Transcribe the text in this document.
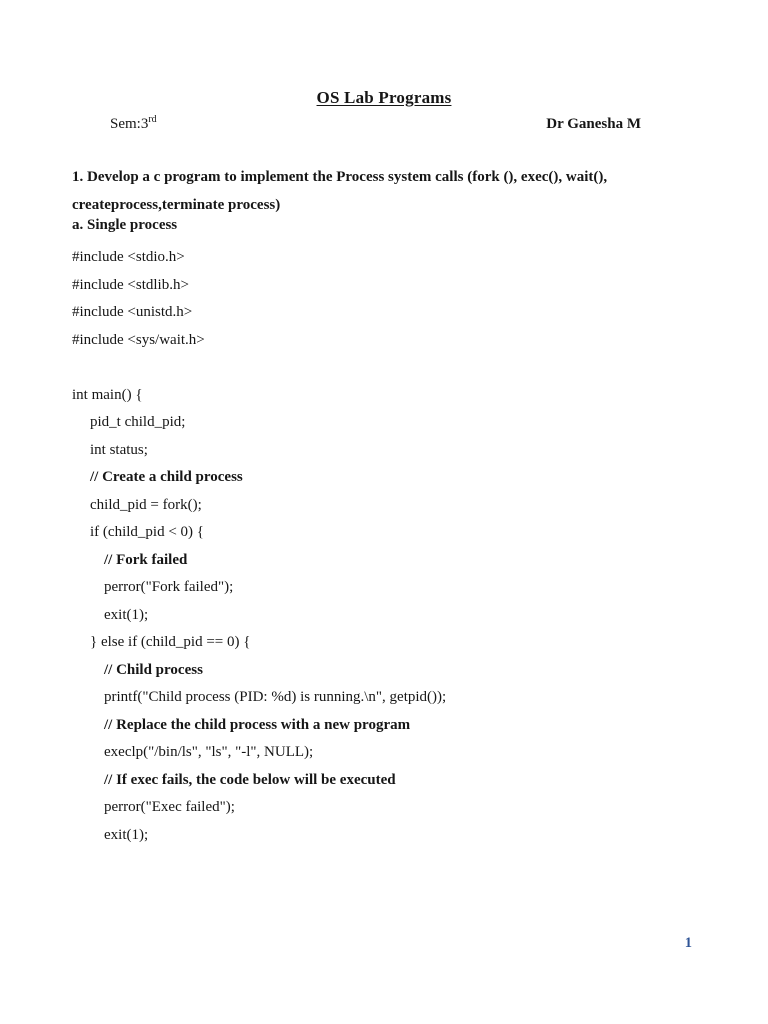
OS Lab Programs
Sem:3rd	Dr Ganesha M
1. Develop a c program to implement the Process system calls (fork (), exec(), wait(),
createprocess,terminate process)
a. Single process
#include <stdio.h>
#include <stdlib.h>
#include <unistd.h>
#include <sys/wait.h>
int main() {
pid_t child_pid;
int status;
// Create a child process
child_pid = fork();
if (child_pid < 0) {
// Fork failed
perror("Fork failed");
exit(1);
} else if (child_pid == 0) {
// Child process
printf("Child process (PID: %d) is running.\n", getpid());
// Replace the child process with a new program
execlp("/bin/ls", "ls", "-l", NULL);
// If exec fails, the code below will be executed
perror("Exec failed");
exit(1);
1
